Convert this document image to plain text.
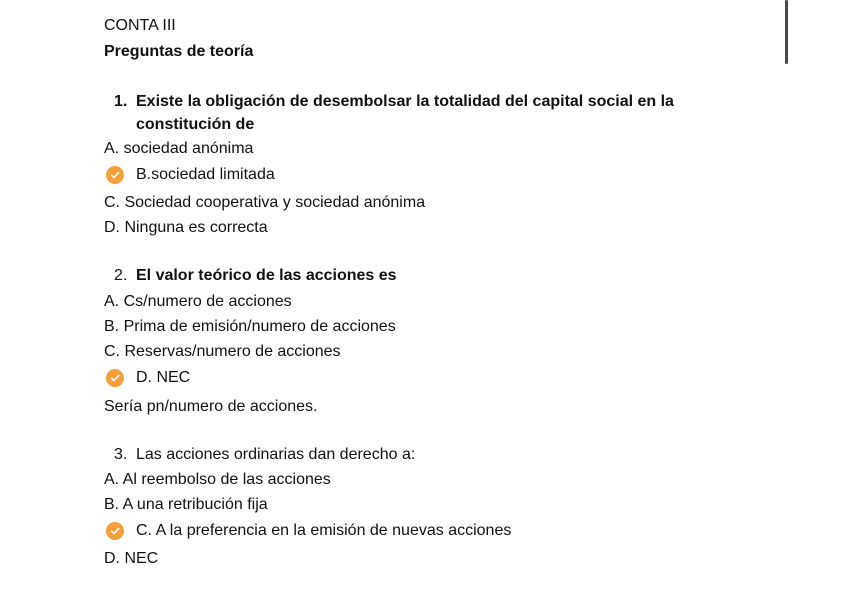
CONTA III
Preguntas de teoría
1. Existe la obligación de desembolsar la totalidad del capital social en la
constitución de
A. sociedad anónima
B.sociedad limitada
C. Sociedad cooperativa y sociedad anónima
D. Ninguna es correcta
2. El valor teórico de las acciones es
A. Cs/numero de acciones
B. Prima de emisión/numero de acciones
C. Reservas/numero de acciones
D. NEC
Sería pn/numero de acciones.
3. Las acciones ordinarias dan derecho a:
A. Al reembolso de las acciones
B. A una retribución fija
C. A la preferencia en la emisión de nuevas acciones
D. NEC
